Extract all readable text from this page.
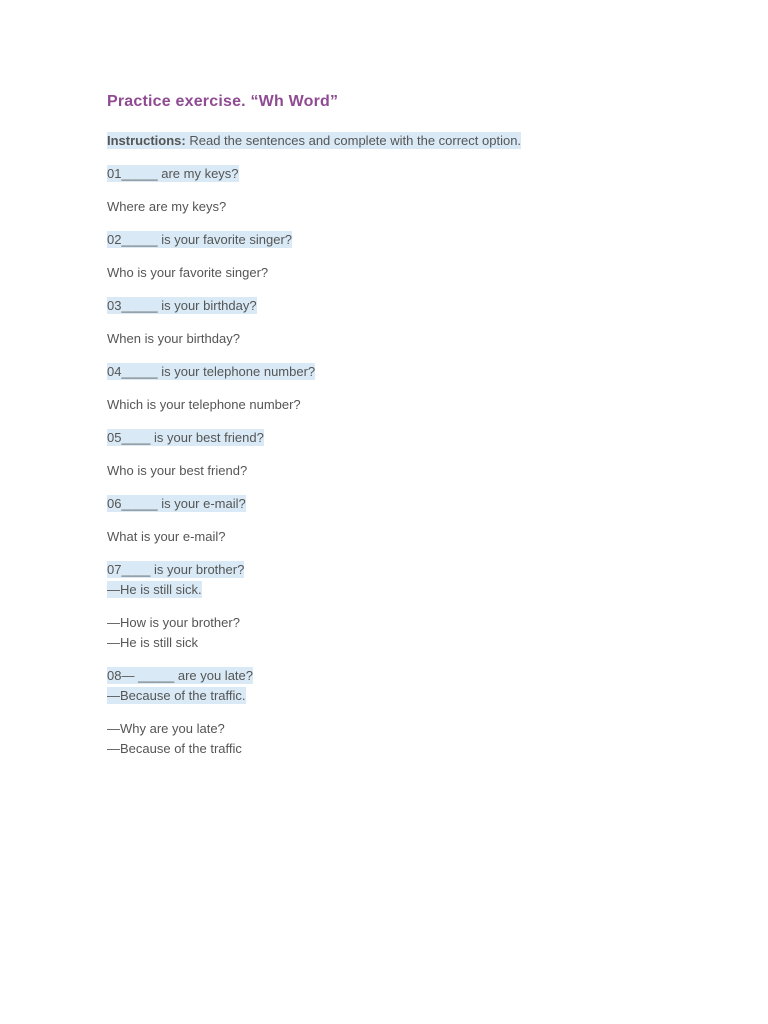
Practice exercise. “Wh Word”
Instructions: Read the sentences and complete with the correct option.
01_____ are my keys?
Where are my keys?
02_____ is your favorite singer?
Who is your favorite singer?
03_____ is your birthday?
When is your birthday?
04_____ is your telephone number?
Which is your telephone number?
05____ is your best friend?
Who is your best friend?
06_____ is your e-mail?
What is your e-mail?
07____ is your brother?
—He is still sick.
—How is your brother?
—He is still sick
08— _____ are you late?
—Because of the traffic.
—Why are you late?
—Because of the traffic
